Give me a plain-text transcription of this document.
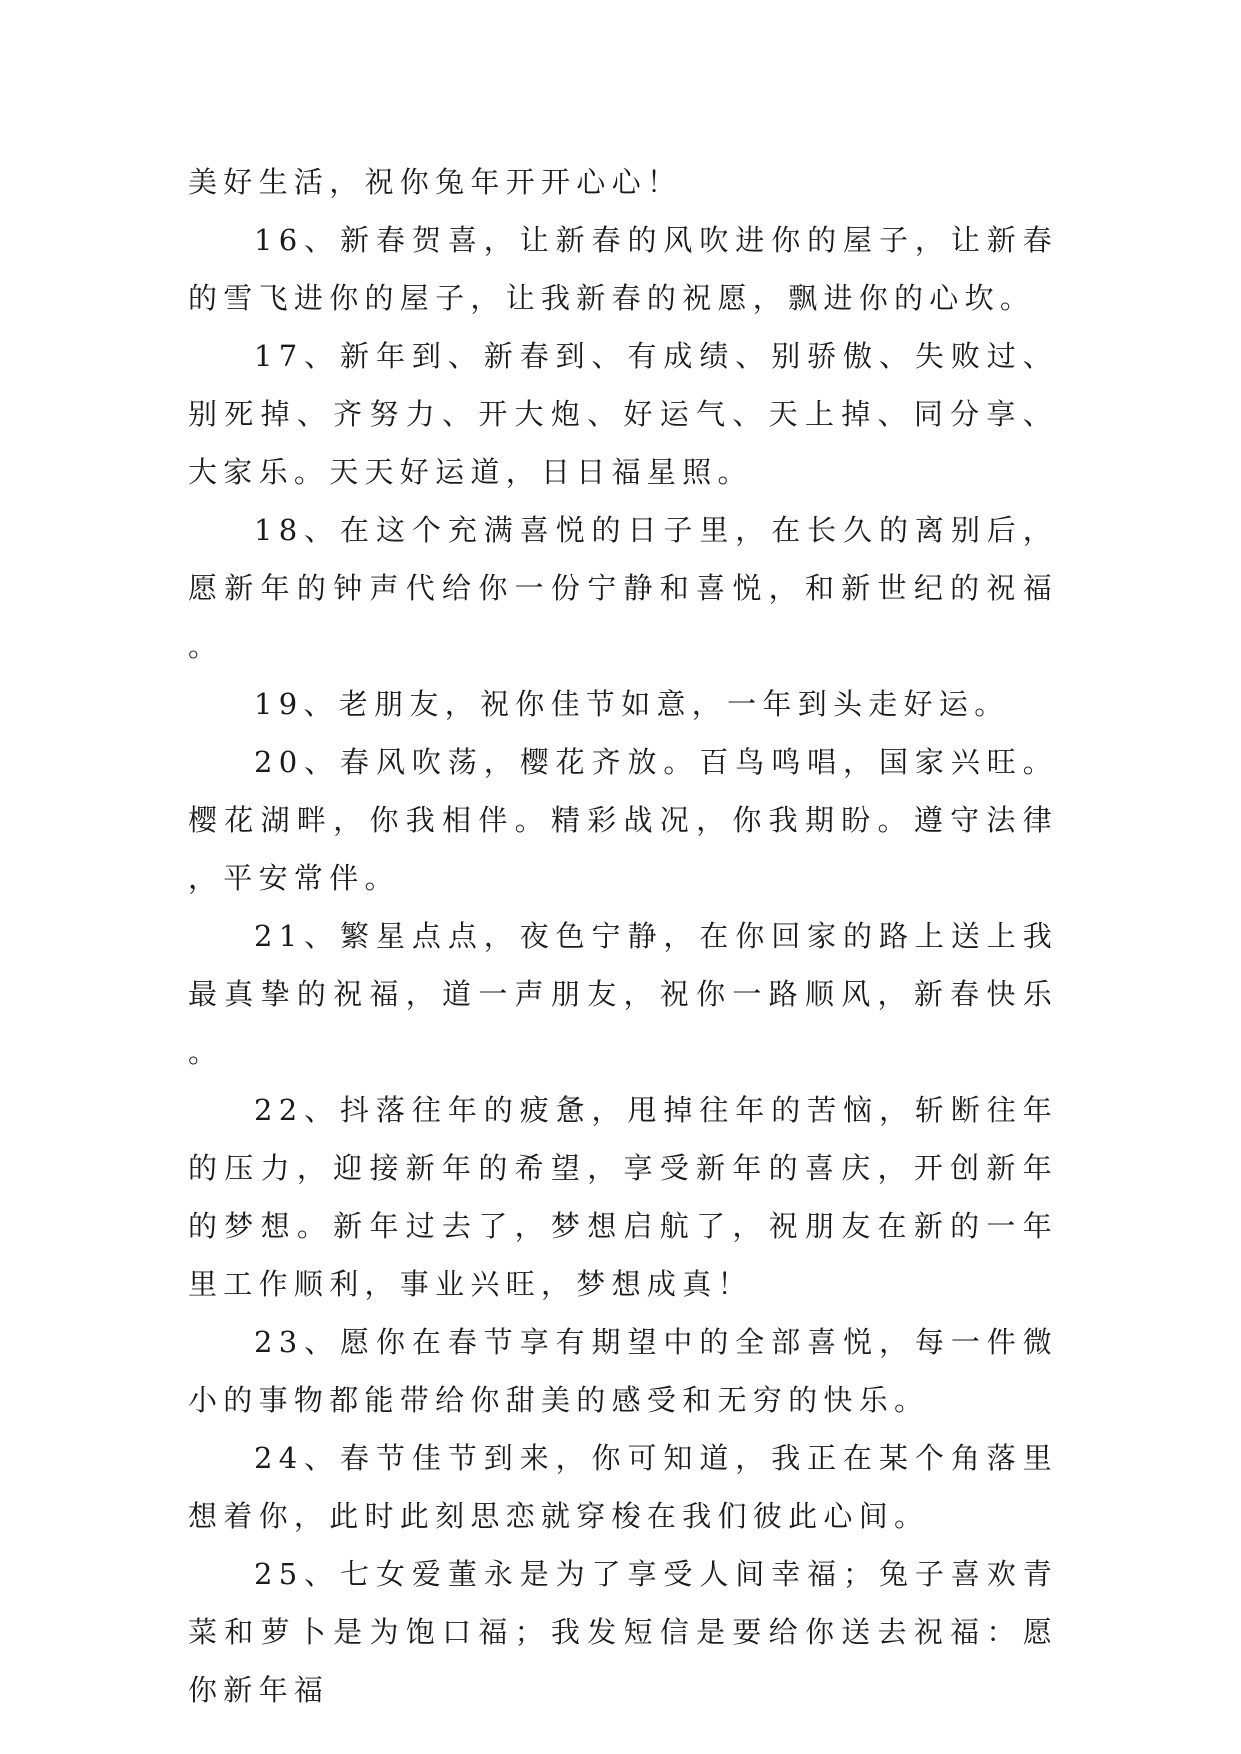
美好生活，祝你兔年开开心心！

16、新春贺喜，让新春的风吹进你的屋子，让新春的雪飞进你的屋子，让我新春的祝愿，飘进你的心坎。

17、新年到、新春到、有成绩、别骄傲、失败过、别死掉、齐努力、开大炮、好运气、天上掉、同分享、大家乐。天天好运道，日日福星照。

18、在这个充满喜悦的日子里，在长久的离别后，愿新年的钟声代给你一份宁静和喜悦，和新世纪的祝福。

19、老朋友，祝你佳节如意，一年到头走好运。

20、春风吹荡，樱花齐放。百鸟鸣唱，国家兴旺。樱花湖畔，你我相伴。精彩战况，你我期盼。遵守法律，平安常伴。

21、繁星点点，夜色宁静，在你回家的路上送上我最真挚的祝福，道一声朋友，祝你一路顺风，新春快乐。

22、抖落往年的疲惫，甩掉往年的苦恼，斩断往年的压力，迎接新年的希望，享受新年的喜庆，开创新年的梦想。新年过去了，梦想启航了，祝朋友在新的一年里工作顺利，事业兴旺，梦想成真！

23、愿你在春节享有期望中的全部喜悦，每一件微小的事物都能带给你甜美的感受和无穷的快乐。

24、春节佳节到来，你可知道，我正在某个角落里想着你，此时此刻思恋就穿梭在我们彼此心间。

25、七女爱董永是为了享受人间幸福；兔子喜欢青菜和萝卜是为饱口福；我发短信是要给你送去祝福：愿你新年福
